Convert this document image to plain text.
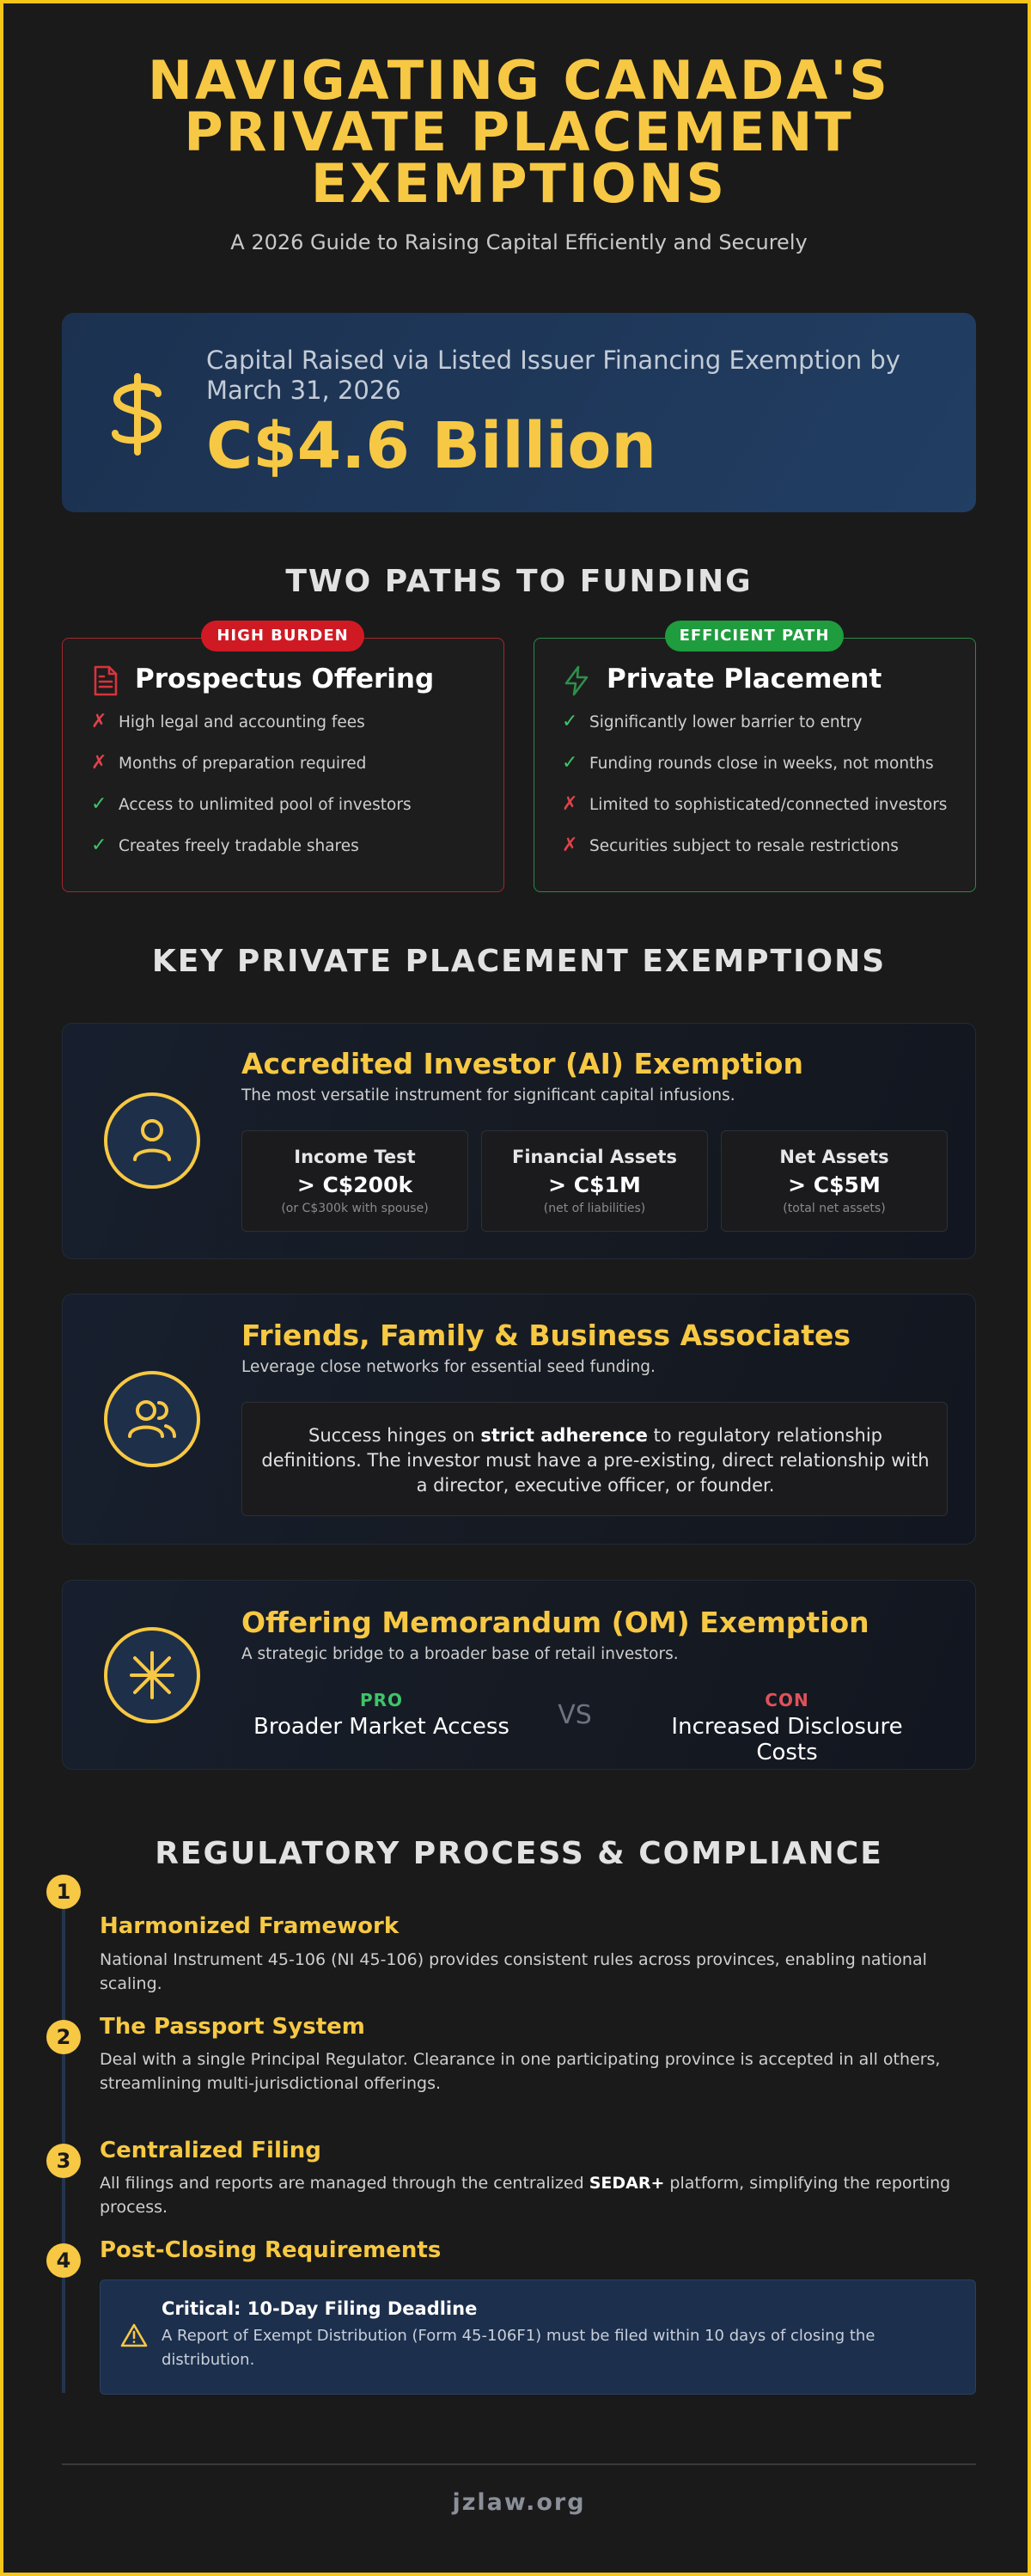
NAVIGATING CANADA'S
PRIVATE PLACEMENT
EXEMPTIONS
A 2026 Guide to Raising Capital Efficiently and Securely
Capital Raised via Listed Issuer Financing Exemption by March 31, 2026
C$4.6 Billion
TWO PATHS TO FUNDING
HIGH BURDEN
Prospectus Offering
✗ High legal and accounting fees
✗ Months of preparation required
✓ Access to unlimited pool of investors
✓ Creates freely tradable shares
EFFICIENT PATH
Private Placement
✓ Significantly lower barrier to entry
✓ Funding rounds close in weeks, not months
✗ Limited to sophisticated/connected investors
✗ Securities subject to resale restrictions
KEY PRIVATE PLACEMENT EXEMPTIONS
Accredited Investor (AI) Exemption
The most versatile instrument for significant capital infusions.
Income Test
> C$200k
(or C$300k with spouse)
Financial Assets
> C$1M
(net of liabilities)
Net Assets
> C$5M
(total net assets)
Friends, Family & Business Associates
Leverage close networks for essential seed funding.
Success hinges on strict adherence to regulatory relationship definitions. The investor must have a pre-existing, direct relationship with a director, executive officer, or founder.
Offering Memorandum (OM) Exemption
A strategic bridge to a broader base of retail investors.
PRO
Broader Market Access VS	CON
Increased Disclosure Costs
REGULATORY PROCESS & COMPLIANCE
1
Harmonized Framework
National Instrument 45-106 (NI 45-106) provides consistent rules across provinces, enabling national scaling.
2	The Passport System
Deal with a single Principal Regulator. Clearance in one participating province is accepted in all others, streamlining multi-jurisdictional offerings.
3	Centralized Filing
All filings and reports are managed through the centralized SEDAR+ platform, simplifying the reporting process.
4	Post-Closing Requirements
Critical: 10-Day Filing Deadline
A Report of Exempt Distribution (Form 45-106F1) must be filed within 10 days of closing the distribution.
jzlaw.org
